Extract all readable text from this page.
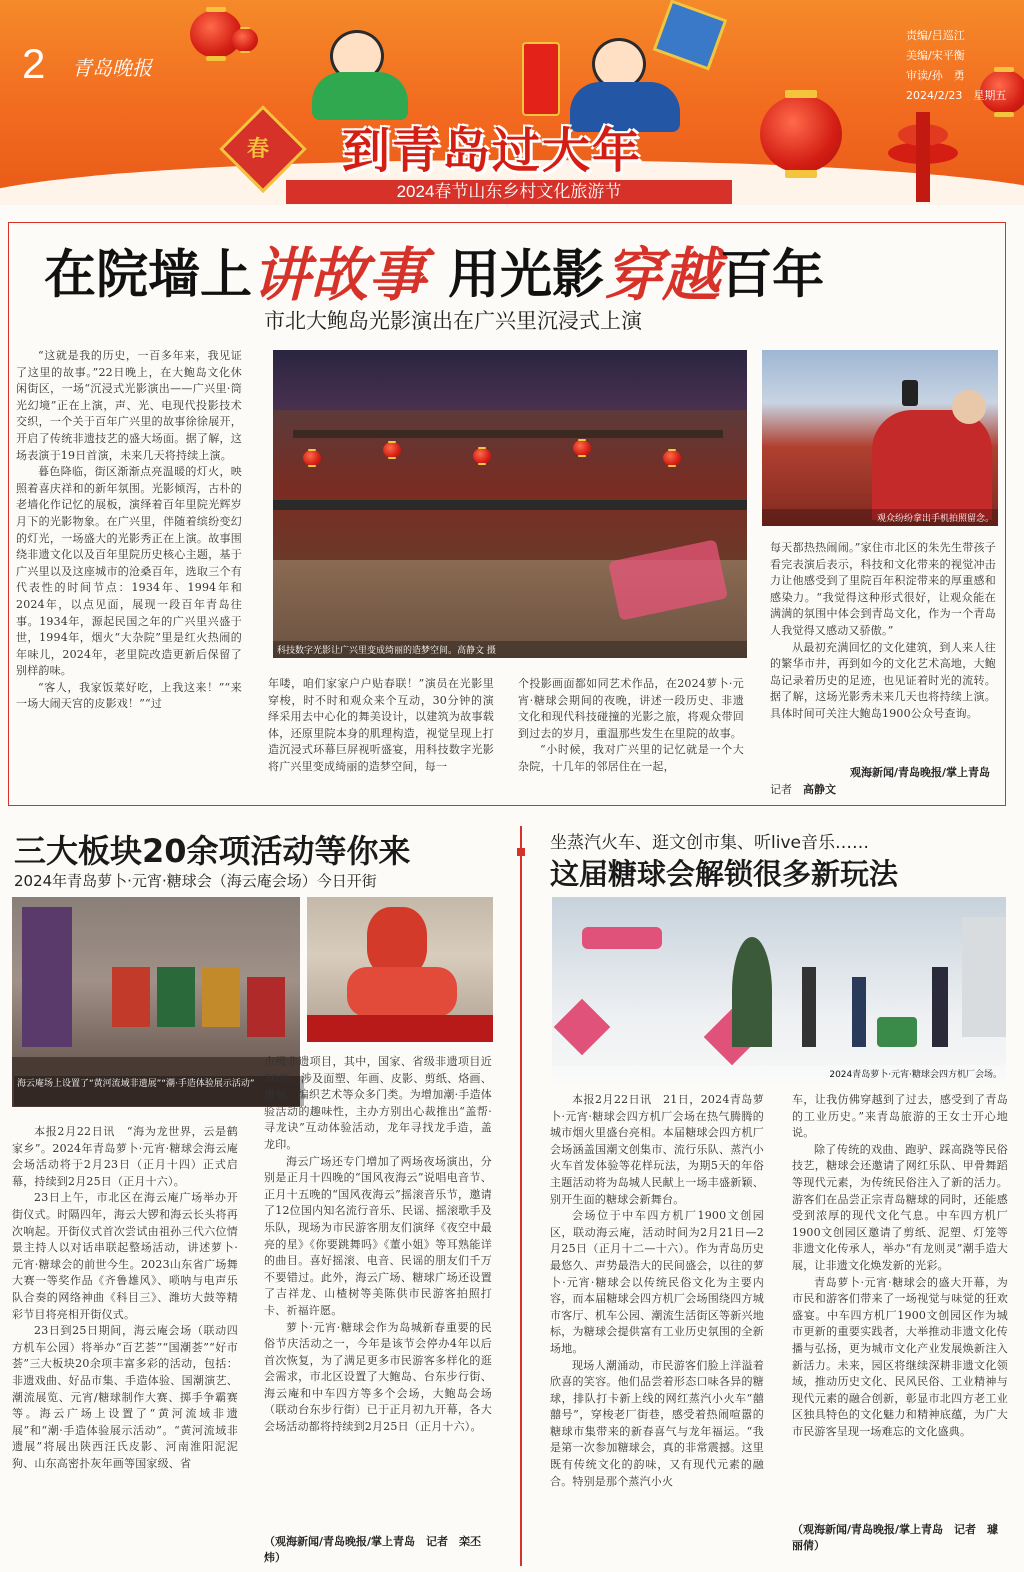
2 青岛晚报
春 到青岛过大年
2024春节山东乡村文化旅游节
责编/吕巡江
美编/宋平衡
审读/孙　勇
2024/2/23　星期五
在院墙上讲故事 用光影穿越百年
市北大鲍岛光影演出在广兴里沉浸式上演

“这就是我的历史，一百多年来，我见证了这里的故事。”22日晚上，在大鲍岛文化休闲街区，一场“沉浸式光影演出——广兴里·筒光幻境”正在上演，声、光、电现代投影技术交织，一个关于百年广兴里的故事徐徐展开，开启了传统非遗技艺的盛大场面。据了解，这场表演于19日首演，未来几天将持续上演。

暮色降临，街区渐渐点亮温暖的灯火，映照着喜庆祥和的新年氛围。光影倾泻，古朴的老墙化作记忆的展板，演绎着百年里院光辉岁月下的光影物象。在广兴里，伴随着缤纷变幻的灯光，一场盛大的光影秀正在上演。故事围绕非遗文化以及百年里院历史核心主题，基于广兴里以及这座城市的沧桑百年，选取三个有代表性的时间节点：1934年、1994年和2024年，以点见面，展现一段百年青岛往事。1934年，源起民国之年的广兴里兴盛于世，1994年，烟火“大杂院”里是红火热闹的年味儿，2024年，老里院改造更新后保留了别样韵味。

“客人，我家饭菜好吃，上我这来！”“来一场大闹天宫的皮影戏！”“过

科技数字光影让广兴里变成绮丽的造梦空间。高静文 摄
观众纷纷拿出手机拍照留念。

年喽，咱们家家户户贴春联！”演员在光影里穿梭，时不时和观众来个互动，30分钟的演绎采用去中心化的舞美设计，以建筑为故事载体，还原里院本身的肌理构造，视觉呈现上打造沉浸式环幕巨屏视听盛宴，用科技数字光影将广兴里变成绮丽的造梦空间，每一

个投影画面都如同艺术作品，在2024萝卜·元宵·糖球会期间的夜晚，讲述一段历史、非遗文化和现代科技碰撞的光影之旅，将观众带回到过去的岁月，重温那些发生在里院的故事。

“小时候，我对广兴里的记忆就是一个大杂院，十几年的邻居住在一起，

每天都热热闹闹。”家住市北区的朱先生带孩子看完表演后表示，科技和文化带来的视觉冲击力让他感受到了里院百年积淀带来的厚重感和感染力。“我觉得这种形式很好，让观众能在满满的氛围中体会到青岛文化，作为一个青岛人我觉得又感动又骄傲。”

从最初充满回忆的文化建筑，到人来人往的繁华市井，再到如今的文化艺术高地，大鲍岛记录着历史的足迹，也见证着时光的流转。据了解，这场光影秀未来几天也将持续上演。具体时间可关注大鲍岛1900公众号查询。

观海新闻/青岛晚报/掌上青岛
记者　 高静文
三大板块20余项活动等你来
2024年青岛萝卜·元宵·糖球会（海云庵会场）今日开街
海云庵场上设置了“黄河流域非遗展”“潮·手造体验展示活动”

本报2月22日讯　“海为龙世界，云是鹤家乡”。2024年青岛萝卜·元宵·糖球会海云庵会场活动将于2月23日（正月十四）正式启幕，持续到2月25日（正月十六）。

23日上午，市北区在海云庵广场举办开街仪式。时隔四年，海云大锣和海云长头将再次响起。开街仪式首次尝试由祖孙三代六位情景主持人以对话串联起整场活动，讲述萝卜·元宵·糖球会的前世今生。2023山东省广场舞大赛一等奖作品《齐鲁雄风》、唢呐与电声乐队合奏的网络神曲《科目三》、潍坊大鼓等精彩节目将亮相开街仪式。

23日到25日期间，海云庵会场（联动四方机车公园）将举办“百艺荟”“国潮荟”“好市荟”三大板块20余项丰富多彩的活动，包括：非遗戏曲、好品市集、手造体验、国潮演艺、潮流展览、元宵/糖球制作大赛、掷手争霸赛等。海云广场上设置了“黄河流域非遗展”和“潮·手造体验展示活动”。“黄河流域非遗展”将展出陕西汪氏皮影、河南淮阳泥泥狗、山东高密扑灰年画等国家级、省

市级非遗项目，其中，国家、省级非遗项目近30项，涉及面塑、年画、皮影、剪纸、烙画、雕刻、编织艺术等众多门类。为增加潮·手造体验活动的趣味性，主办方别出心裁推出“盖帮·寻龙诀”互动体验活动，龙年寻找龙手造，盖龙印。

海云广场还专门增加了两场夜场演出，分别是正月十四晚的“国风夜海云”说唱电音节、正月十五晚的“国风夜海云”摇滚音乐节，邀请了12位国内知名流行音乐、民谣、摇滚歌手及乐队，现场为市民游客朋友们演绎《夜空中最亮的星》《你要跳舞吗》《董小姐》等耳熟能详的曲目。喜好摇滚、电音、民谣的朋友们千万不要错过。此外，海云广场、糖球广场还设置了吉祥龙、山楂树等美陈供市民游客拍照打卡、祈福许愿。

萝卜·元宵·糖球会作为岛城新春重要的民俗节庆活动之一，今年是该节会停办4年以后首次恢复，为了满足更多市民游客多样化的逛会需求，市北区设置了大鲍岛、台东步行街、海云庵和中车四方等多个会场，大鲍岛会场（联动台东步行街）已于正月初九开幕，各大会场活动都将持续到2月25日（正月十六）。

（观海新闻/青岛晚报/掌上青岛　记者　栾丕炜）
坐蒸汽火车、逛文创市集、听live音乐……
这届糖球会解锁很多新玩法
2024青岛萝卜·元宵·糖球会四方机厂会场。

本报2月22日讯　21日，2024青岛萝卜·元宵·糖球会四方机厂会场在热气腾腾的城市烟火里盛台亮相。本届糖球会四方机厂会场涵盖国潮文创集市、流行乐队、蒸汽小火车首发体验等花样玩法，为期5天的年俗主题活动将为岛城人民献上一场丰盛新颖、别开生面的糖球会新舞台。

会场位于中车四方机厂1900文创园区，联动海云庵，活动时间为2月21日—2月25日（正月十二—十六）。作为青岛历史最悠久、声势最浩大的民间盛会，以往的萝卜·元宵·糖球会以传统民俗文化为主要内容，而本届糖球会四方机厂会场围绕四方城市客厅、机车公园、潮流生活街区等新兴地标，为糖球会提供富有工业历史氛围的全新场地。

现场人潮涌动，市民游客们脸上洋溢着欣喜的笑容。他们品尝着形态口味各异的糖球，排队打卡新上线的网红蒸汽小火车“囍囍号”，穿梭老厂街巷，感受着热闹喧嚣的糖球市集带来的新春喜气与龙年福运。“我是第一次参加糖球会，真的非常震撼。这里既有传统文化的韵味，又有现代元素的融合。特别是那个蒸汽小火

车，让我仿佛穿越到了过去，感受到了青岛的工业历史。”来青岛旅游的王女士开心地说。

除了传统的戏曲、跑驴、踩高跷等民俗技艺，糖球会还邀请了网红乐队、甲骨舞蹈等现代元素，为传统民俗注入了新的活力。游客们在品尝正宗青岛糖球的同时，还能感受到浓厚的现代文化气息。中车四方机厂1900文创园区邀请了剪纸、泥塑、灯笼等非遗文化传承人，举办“有龙则灵”潮手造大展，让非遗文化焕发新的光彩。

青岛萝卜·元宵·糖球会的盛大开幕，为市民和游客们带来了一场视觉与味觉的狂欢盛宴。中车四方机厂1900文创园区作为城市更新的重要实践者，大举推动非遗文化传播与弘扬，更为城市文化产业发展焕新注入新活力。未来，园区将继续深耕非遗文化领域，推动历史文化、民风民俗、工业精神与现代元素的融合创新，彰显市北四方老工业区独具特色的文化魅力和精神底蕴，为广大市民游客呈现一场难忘的文化盛典。

（观海新闻/青岛晚报/掌上青岛　记者　璩丽倩）
